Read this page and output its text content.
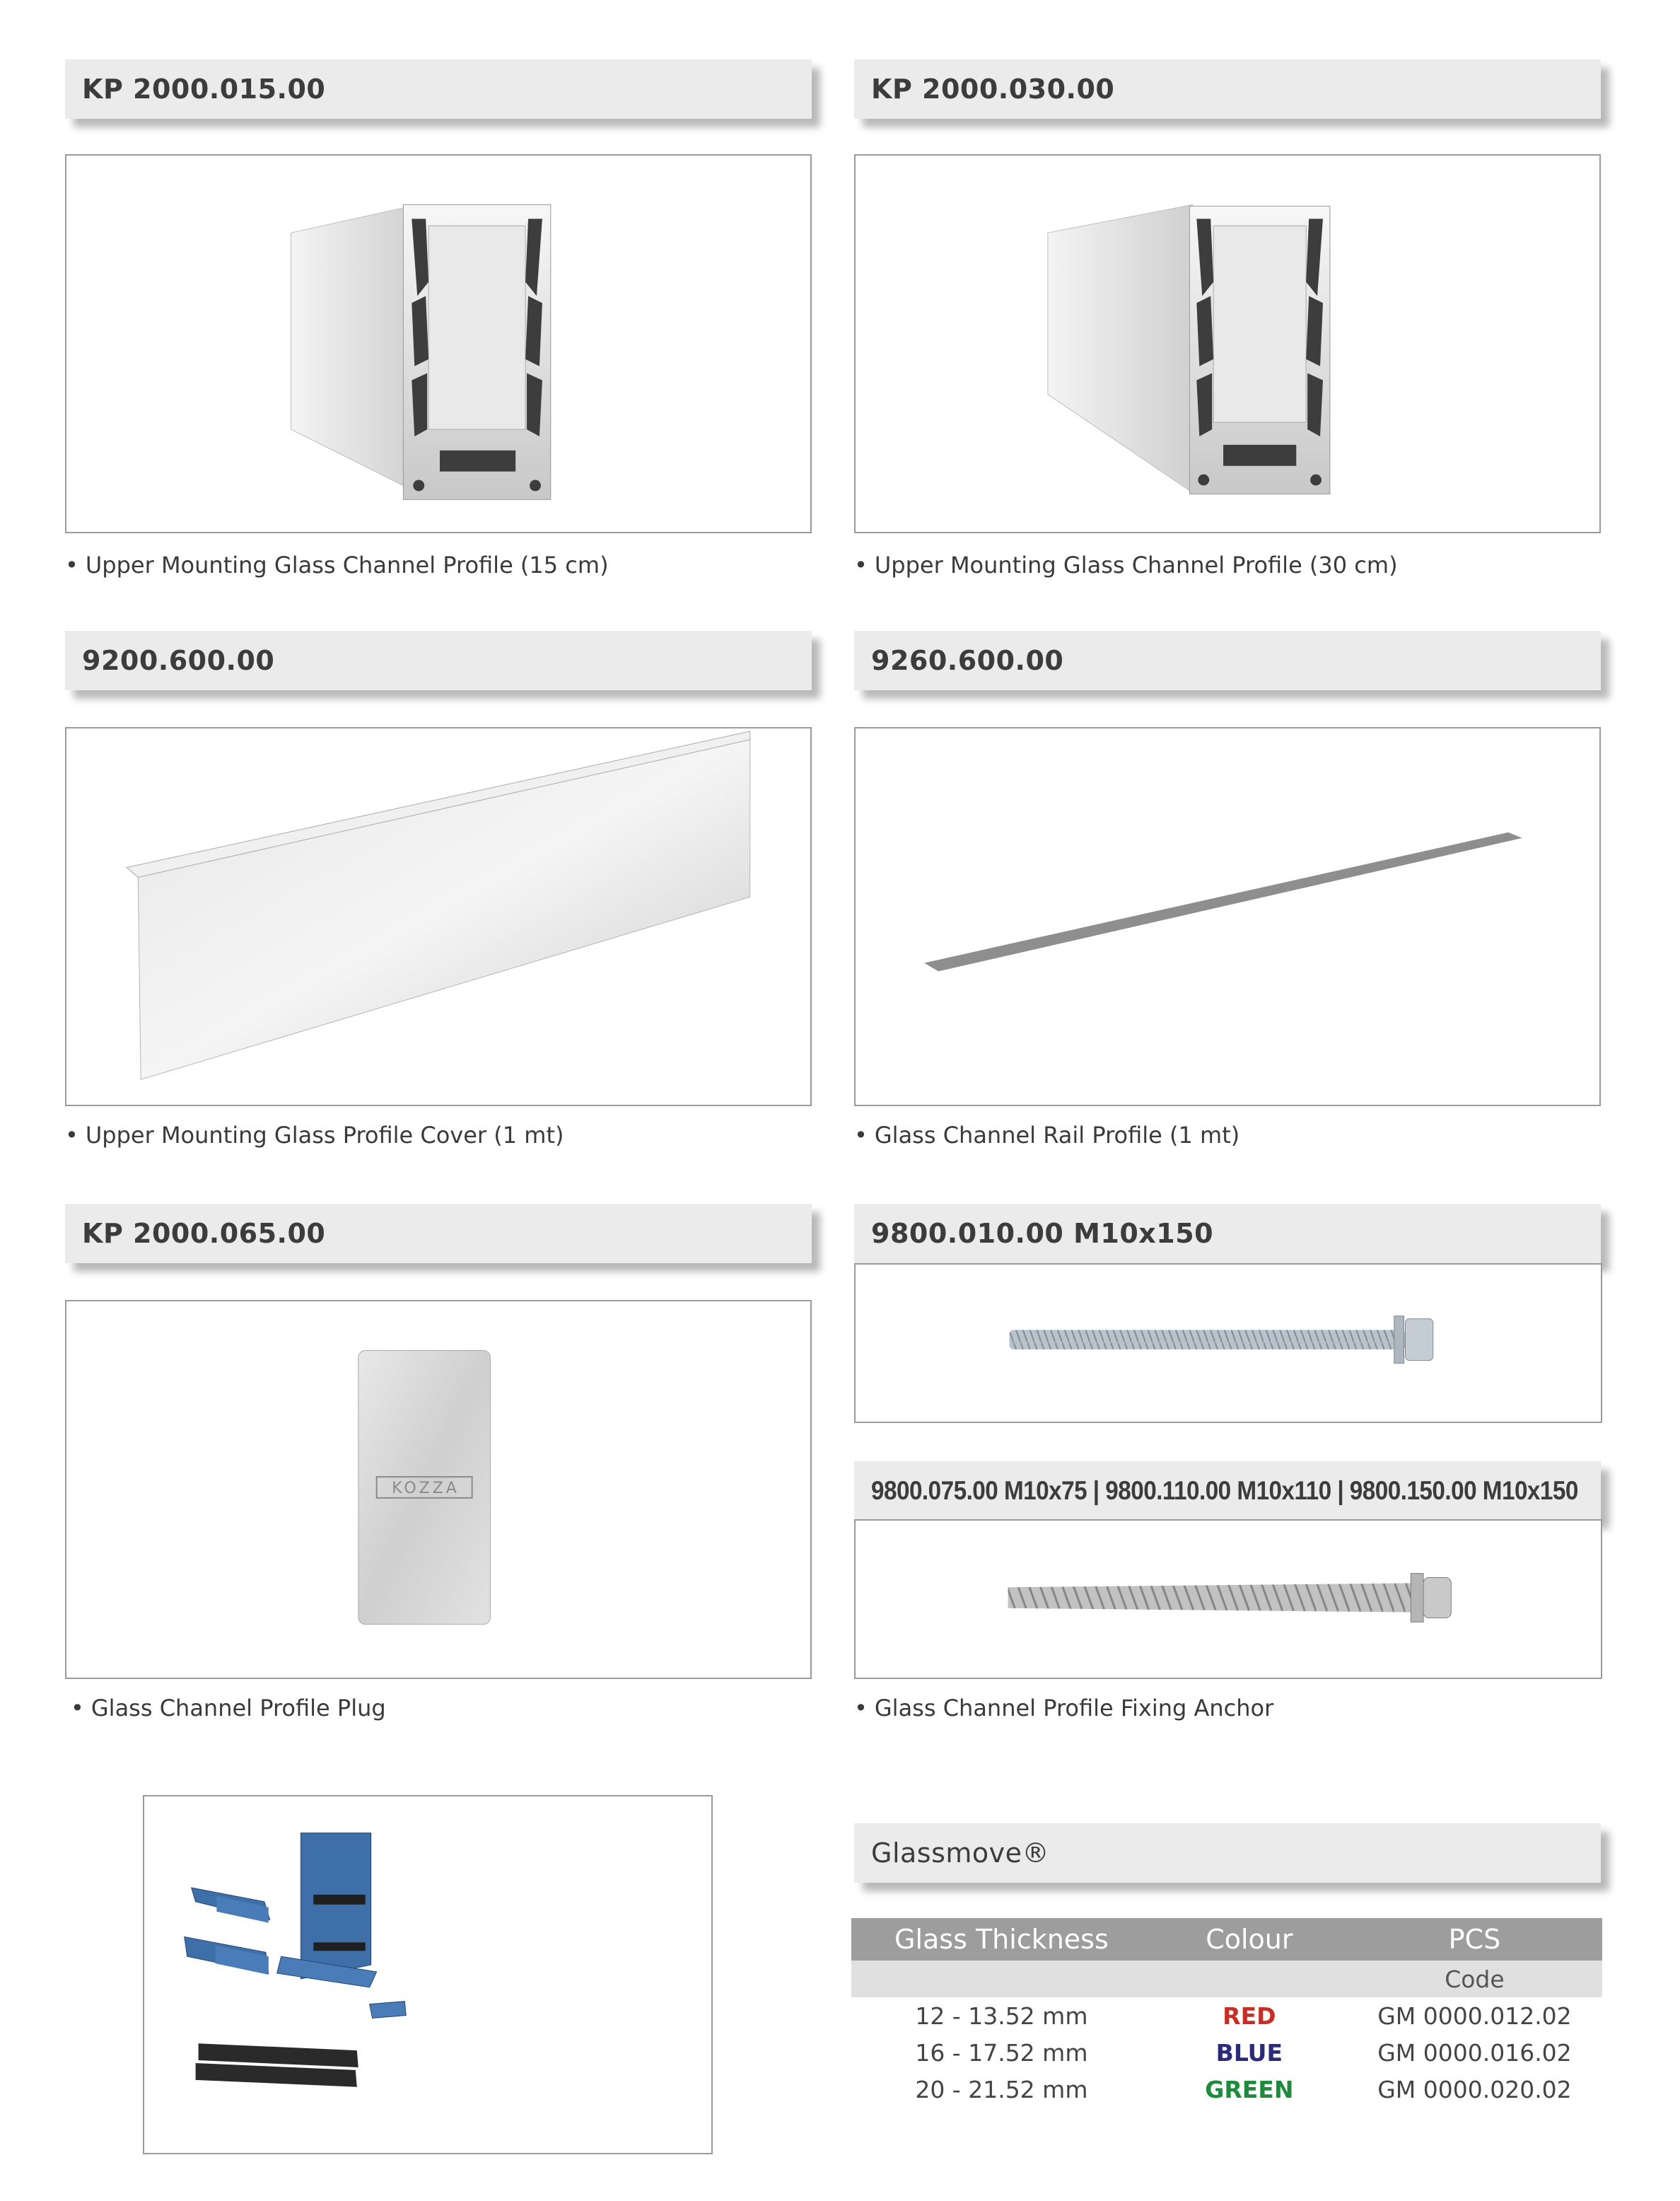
KP 2000.015.00	KP 2000.030.00
• Upper Mounting Glass Channel Profile (15 cm)	• Upper Mounting Glass Channel Profile (30 cm)
9200.600.00	9260.600.00
• Upper Mounting Glass Profile Cover (1 mt)	• Glass Channel Rail Profile (1 mt)
KP 2000.065.00	9800.010.00 M10x150
KOZZA	9800.075.00 M10x75 | 9800.110.00 M10x110 | 9800.150.00 M10x150
• Glass Channel Profile Plug	• Glass Channel Profile Fixing Anchor
Glassmove®
Glass Thickness	Colour	PCS
		Code
12 - 13.52 mm	RED	GM 0000.012.02
16 - 17.52 mm	BLUE	GM 0000.016.02
20 - 21.52 mm	GREEN	GM 0000.020.02
